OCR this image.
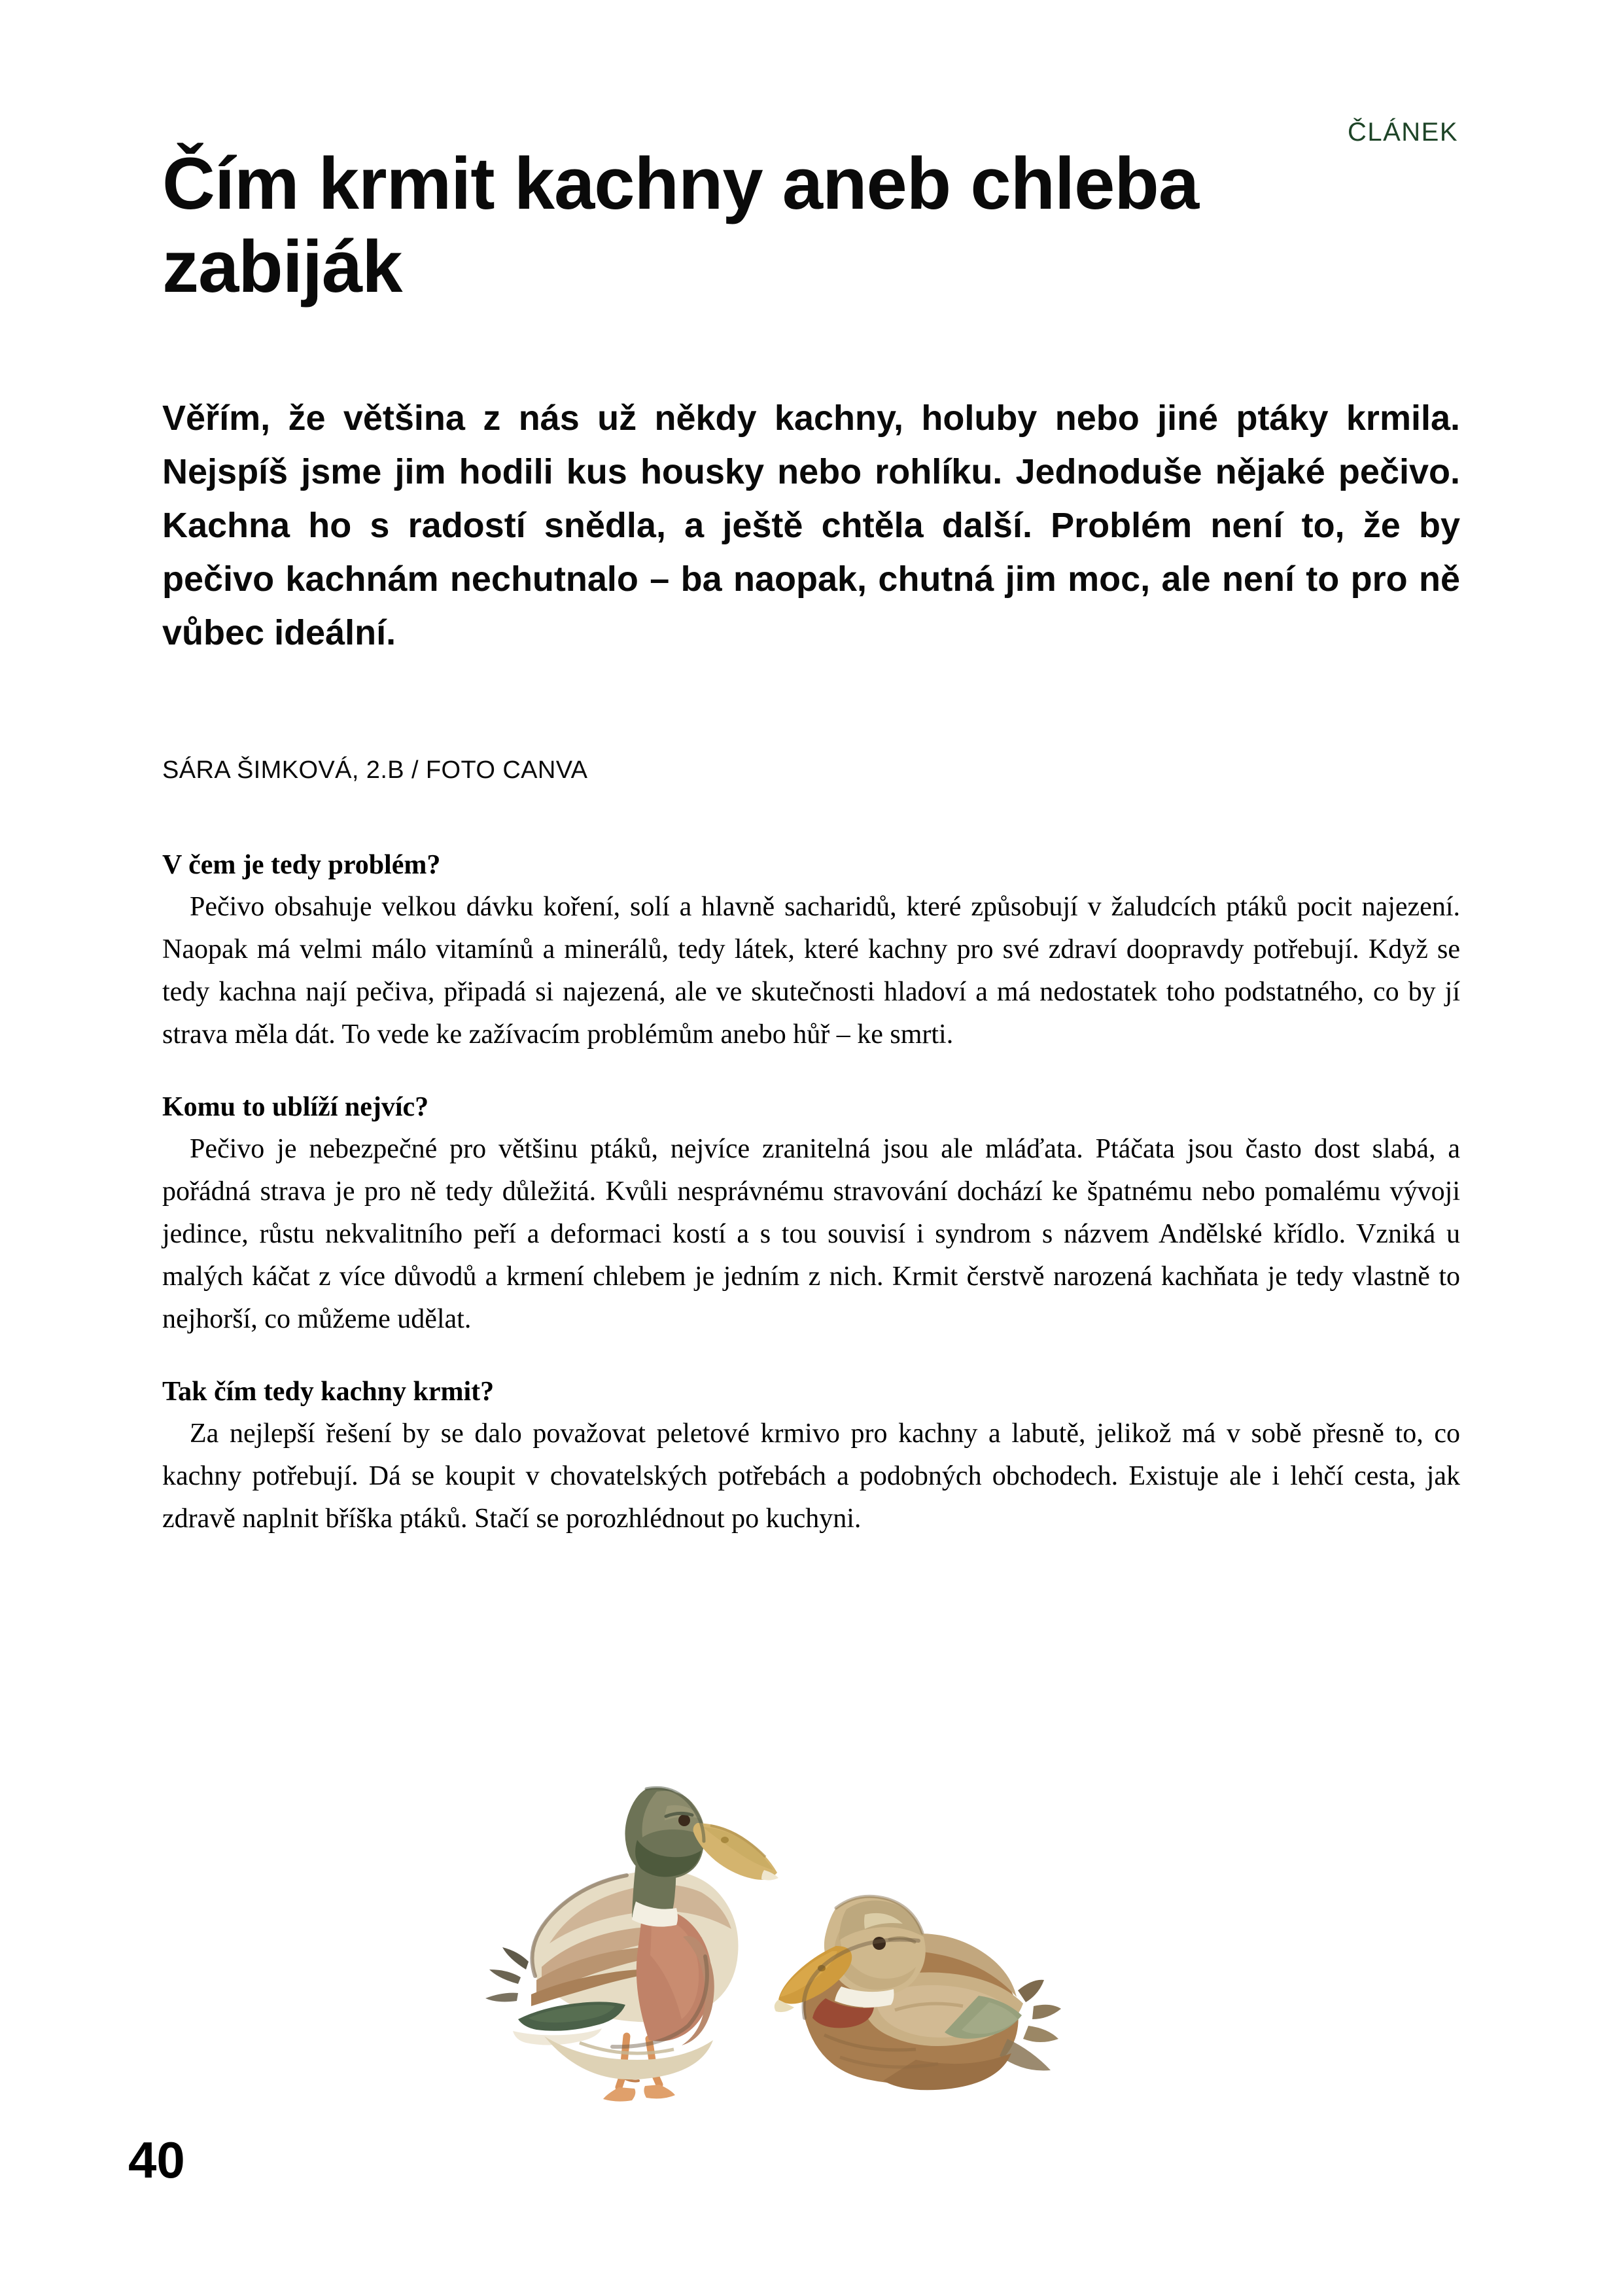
ČLÁNEK
Čím krmit kachny aneb chleba zabiják

Věřím, že většina z nás už někdy kachny, holuby nebo jiné ptáky krmila. Nejspíš jsme jim hodili kus housky nebo rohlíku. Jednoduše nějaké pečivo. Kachna ho s radostí snědla, a ještě chtěla další. Problém není to, že by pečivo kachnám nechutnalo – ba naopak, chutná jim moc, ale není to pro ně vůbec ideální.

SÁRA ŠIMKOVÁ, 2.B / FOTO CANVA
V čem je tedy problém?

Pečivo obsahuje velkou dávku koření, solí a hlavně sacharidů, které způsobují v žaludcích ptáků pocit najezení. Naopak má velmi málo vitamínů a minerálů, tedy látek, které kachny pro své zdraví doopravdy potřebují. Když se tedy kachna nají pečiva, připadá si najezená, ale ve skutečnosti hladoví a má nedostatek toho podstatného, co by jí strava měla dát. To vede ke zažívacím problémům anebo hůř – ke smrti.

Komu to ublíží nejvíc?

Pečivo je nebezpečné pro většinu ptáků, nejvíce zranitelná jsou ale mláďata. Ptáčata jsou často dost slabá, a pořádná strava je pro ně tedy důležitá. Kvůli nesprávnému stravování dochází ke špatnému nebo pomalému vývoji jedince, růstu nekvalitního peří a deformaci kostí a s tou souvisí i syndrom s názvem Andělské křídlo. Vzniká u malých káčat z více důvodů a krmení chlebem je jedním z nich. Krmit čerstvě narozená kachňata je tedy vlastně to nejhorší, co můžeme udělat.

Tak čím tedy kachny krmit?

Za nejlepší řešení by se dalo považovat peletové krmivo pro kachny a labutě, jelikož má v sobě přesně to, co kachny potřebují. Dá se koupit v chovatelských potřebách a podobných obchodech. Existuje ale i lehčí cesta, jak zdravě naplnit bříška ptáků. Stačí se porozhlédnout po kuchyni.

40
